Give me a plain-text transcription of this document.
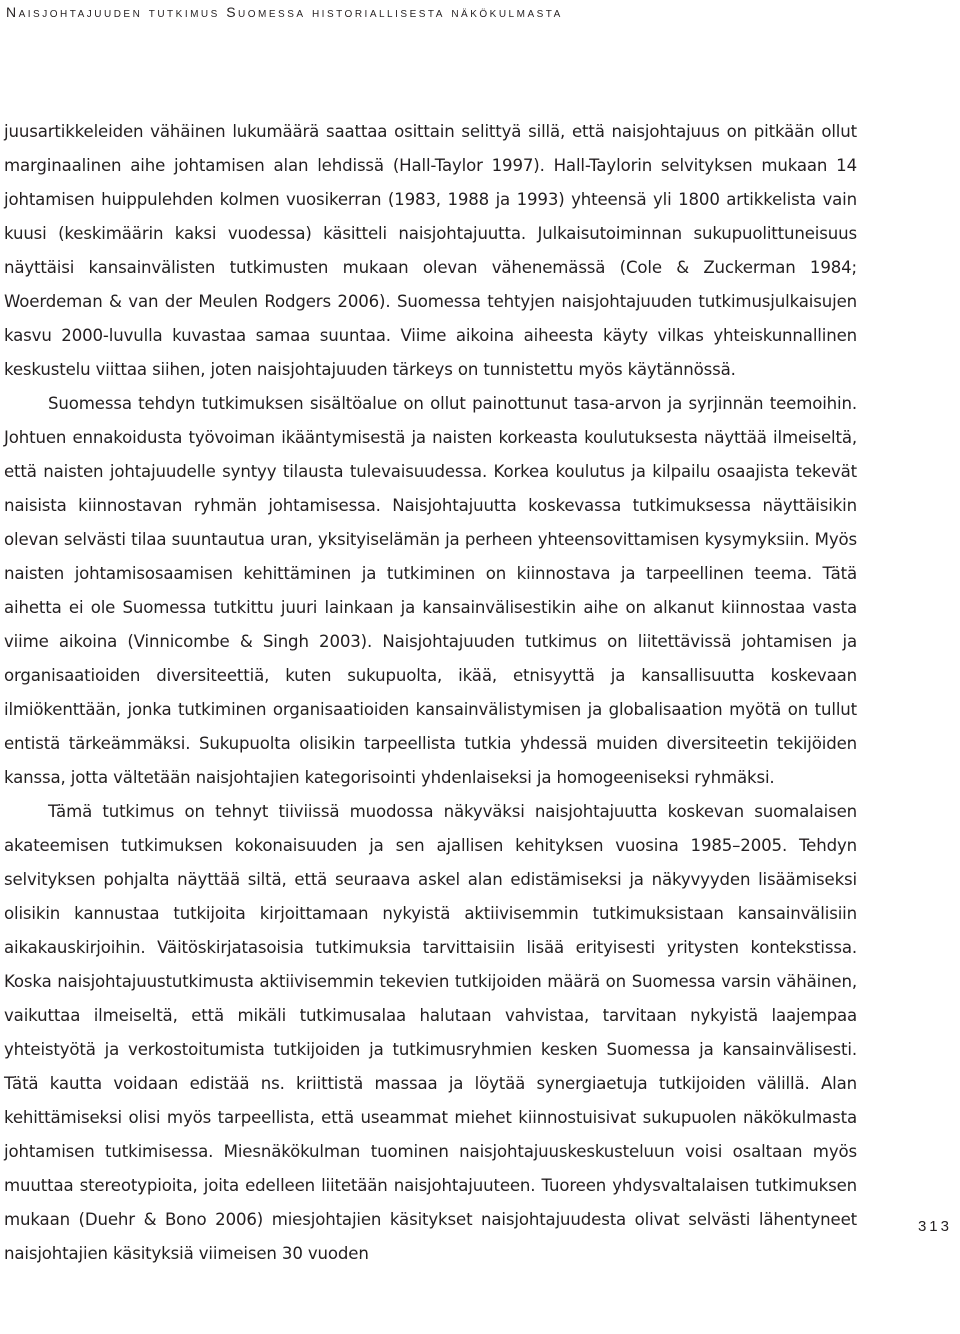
Naisjohtajuuden tutkimus Suomessa historiallisesta näkökulmasta

juusartikkeleiden vähäinen lukumäärä saattaa osittain selittyä sillä, että naisjohtajuus on pitkään ollut marginaalinen aihe johtamisen alan lehdissä (Hall-Taylor 1997). Hall-Taylorin selvityksen mukaan 14 johtamisen huippulehden kolmen vuosikerran (1983, 1988 ja 1993) yhteensä yli 1800 artikkelista vain kuusi (keskimäärin kaksi vuodessa) käsitteli naisjohtajuutta. Julkaisutoiminnan sukupuolittuneisuus näyttäisi kansainvälisten tutkimusten mukaan olevan vähenemässä (Cole & Zuckerman 1984; Woerdeman & van der Meulen Rodgers 2006). Suomessa tehtyjen naisjohtajuuden tutkimusjulkaisujen kasvu 2000-luvulla kuvastaa samaa suuntaa. Viime aikoina aiheesta käyty vilkas yhteiskunnallinen keskustelu viittaa siihen, joten naisjohtajuuden tärkeys on tunnistettu myös käytännössä.

Suomessa tehdyn tutkimuksen sisältöalue on ollut painottunut tasa-arvon ja syrjinnän teemoihin. Johtuen ennakoidusta työvoiman ikääntymisestä ja naisten korkeasta koulutuksesta näyttää ilmeiseltä, että naisten johtajuudelle syntyy tilausta tulevaisuudessa. Korkea koulutus ja kilpailu osaajista tekevät naisista kiinnostavan ryhmän johtamisessa. Naisjohtajuutta koskevassa tutkimuksessa näyttäisikin olevan selvästi tilaa suuntautua uran, yksityiselämän ja perheen yhteensovittamisen kysymyksiin. Myös naisten johtamisosaamisen kehittäminen ja tutkiminen on kiinnostava ja tarpeellinen teema. Tätä aihetta ei ole Suomessa tutkittu juuri lainkaan ja kansainvälisestikin aihe on alkanut kiinnostaa vasta viime aikoina (Vinnicombe & Singh 2003). Naisjohtajuuden tutkimus on liitettävissä johtamisen ja organisaatioiden diversiteettiä, kuten sukupuolta, ikää, etnisyyttä ja kansallisuutta koskevaan ilmiökenttään, jonka tutkiminen organisaatioiden kansainvälistymisen ja globalisaation myötä on tullut entistä tärkeämmäksi. Sukupuolta olisikin tarpeellista tutkia yhdessä muiden diversiteetin tekijöiden kanssa, jotta vältetään naisjohtajien kategorisointi yhdenlaiseksi ja homogeeniseksi ryhmäksi.

Tämä tutkimus on tehnyt tiiviissä muodossa näkyväksi naisjohtajuutta koskevan suomalaisen akateemisen tutkimuksen kokonaisuuden ja sen ajallisen kehityksen vuosina 1985–2005. Tehdyn selvityksen pohjalta näyttää siltä, että seuraava askel alan edistämiseksi ja näkyvyyden lisäämiseksi olisikin kannustaa tutkijoita kirjoittamaan nykyistä aktiivisemmin tutkimuksistaan kansainvälisiin aikakauskirjoihin. Väitöskirjatasoisia tutkimuksia tarvittaisiin lisää erityisesti yritysten kontekstissa. Koska naisjohtajuustutkimusta aktiivisemmin tekevien tutkijoiden määrä on Suomessa varsin vähäinen, vaikuttaa ilmeiseltä, että mikäli tutkimusalaa halutaan vahvistaa, tarvitaan nykyistä laajempaa yhteistyötä ja verkostoitumista tutkijoiden ja tutkimusryhmien kesken Suomessa ja kansainvälisesti. Tätä kautta voidaan edistää ns. kriittistä massaa ja löytää synergiaetuja tutkijoiden välillä. Alan kehittämiseksi olisi myös tarpeellista, että useammat miehet kiinnostuisivat sukupuolen näkökulmasta johtamisen tutkimisessa. Miesnäkökulman tuominen naisjohtajuuskeskusteluun voisi osaltaan myös muuttaa stereotypioita, joita edelleen liitetään naisjohtajuuteen. Tuoreen yhdysvaltalaisen tutkimuksen mukaan (Duehr & Bono 2006) miesjohtajien käsitykset naisjohtajuudesta olivat selvästi lähentyneet naisjohtajien käsityksiä viimeisen 30 vuoden

313
